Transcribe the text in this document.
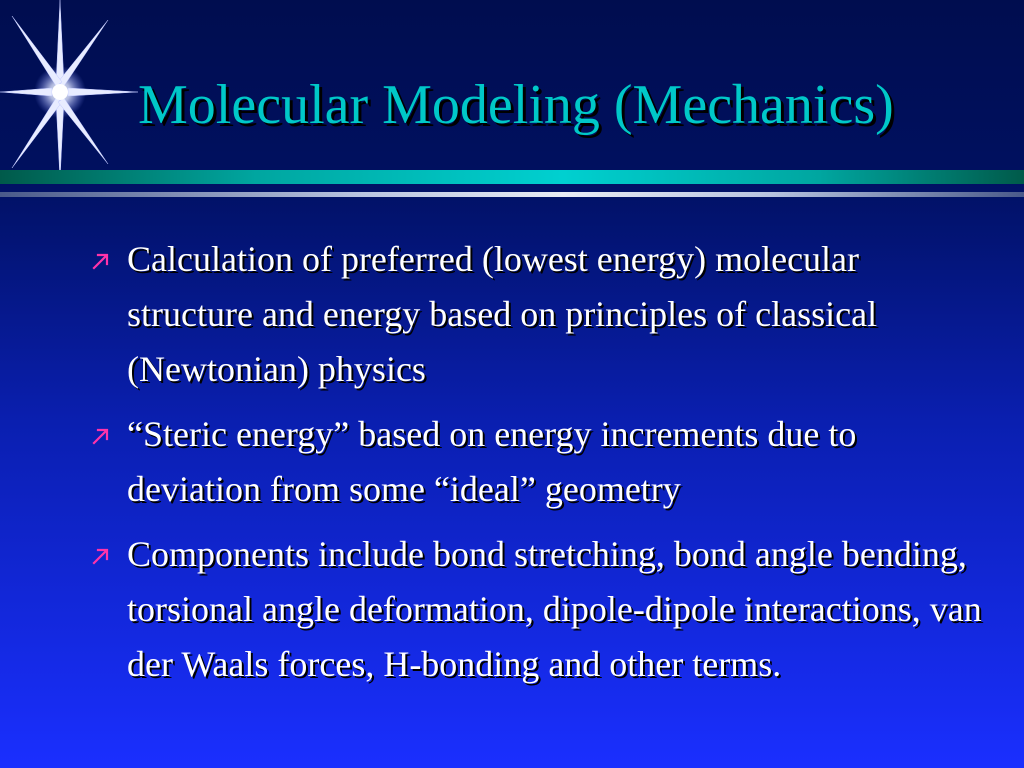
Molecular Modeling (Mechanics)
Calculation of preferred (lowest energy) molecular structure and energy based on principles of classical (Newtonian) physics
“Steric energy” based on energy increments due to deviation from some “ideal” geometry
Components include bond stretching, bond angle bending, torsional angle deformation, dipole-dipole interactions, van der Waals forces, H-bonding and other terms.
